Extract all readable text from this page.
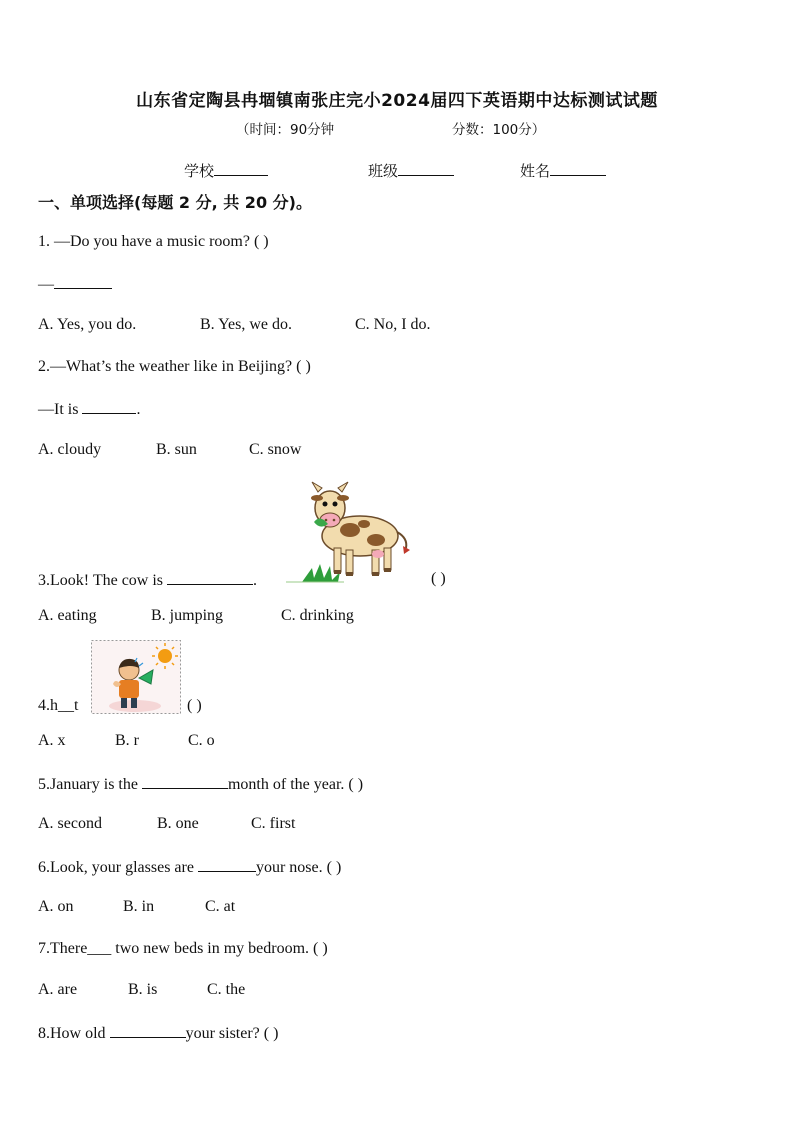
山东省定陶县冉堌镇南张庄完小2024届四下英语期中达标测试试题
（时间：90分钟	分数：100分）
学校	班级	姓名
一、单项选择(每题 2 分, 共 20 分)。
1. —Do you have a music room? ( )
—
A. Yes, you do.	B. Yes, we do.	C. No, I do.
2.—What’s the weather like in Beijing? ( )
—It is	.
A. cloudy	B. sun	C. snow
3.Look! The cow is	.	( )
A. eating	B. jumping	C. drinking
4.h__t	( )
A. x	B. r	C. o
5.January is the	month of the year. ( )
A. second	B. one	C. first
6.Look, your glasses are	your nose. ( )
A. on	B. in	C. at
7.There___ two new beds in my bedroom. ( )
A. are	B. is	C. the
8.How old	your sister? ( )
